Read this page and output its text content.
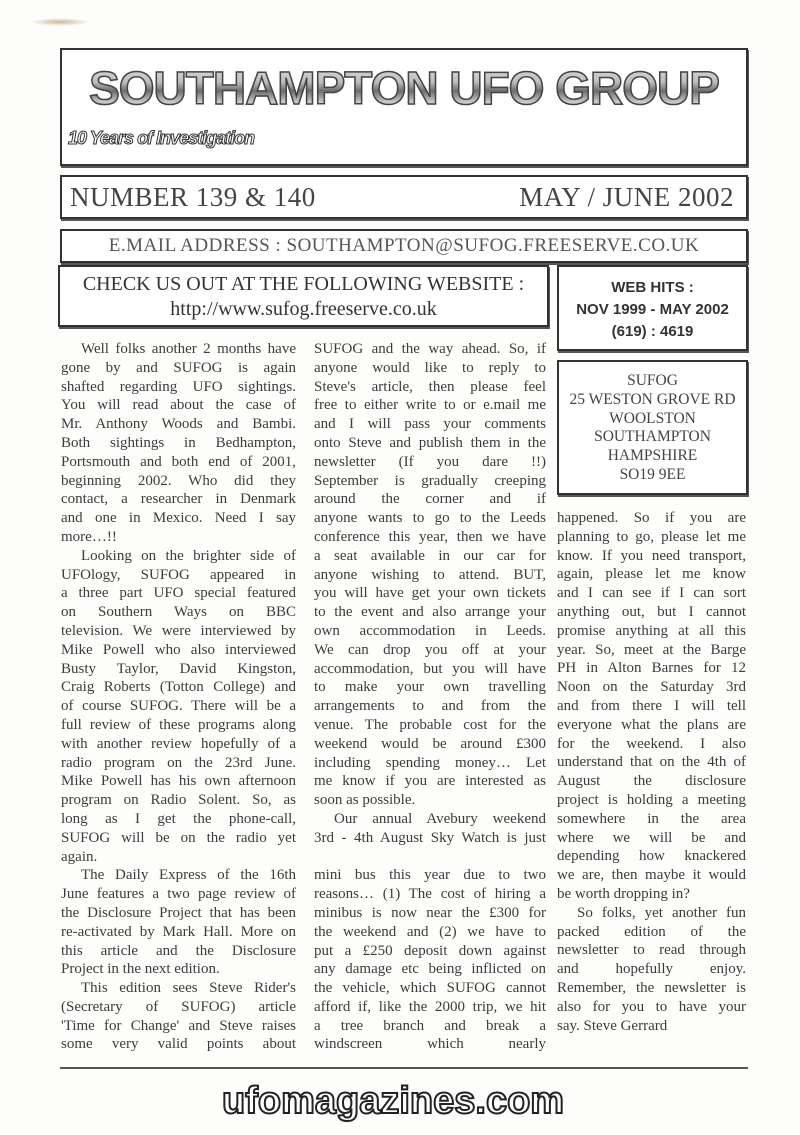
SOUTHAMPTON UFO GROUP
10 Years of Investigation
NUMBER 139 & 140	MAY / JUNE 2002
E.MAIL ADDRESS : SOUTHAMPTON@SUFOG.FREESERVE.CO.UK
CHECK US OUT AT THE FOLLOWING WEBSITE :
http://www.sufog.freeserve.co.uk
WEB HITS :
NOV 1999 - MAY 2002
(619) : 4619
SUFOG
25 WESTON GROVE RD
WOOLSTON
SOUTHAMPTON
HAMPSHIRE
SO19 9EE
Well folks another 2 months have
gone by and SUFOG is again
shafted regarding UFO sightings.
You will read about the case of
Mr. Anthony Woods and Bambi.
Both sightings in Bedhampton,
Portsmouth and both end of 2001,
beginning 2002. Who did they
contact, a researcher in Denmark
and one in Mexico. Need I say
more…!!
Looking on the brighter side of
UFOlogy, SUFOG appeared in
a three part UFO special featured
on Southern Ways on BBC
television. We were interviewed by
Mike Powell who also interviewed
Busty Taylor, David Kingston,
Craig Roberts (Totton College) and
of course SUFOG. There will be a
full review of these programs along
with another review hopefully of a
radio program on the 23rd June.
Mike Powell has his own afternoon
program on Radio Solent. So, as
long as I get the phone-call,
SUFOG will be on the radio yet
again.
The Daily Express of the 16th
June features a two page review of
the Disclosure Project that has been
re-activated by Mark Hall. More on
this article and the Disclosure
Project in the next edition.
This edition sees Steve Rider's
(Secretary of SUFOG) article
'Time for Change' and Steve raises
some very valid points about
SUFOG and the way ahead. So, if
anyone would like to reply to
Steve's article, then please feel
free to either write to or e.mail me
and I will pass your comments
onto Steve and publish them in the
newsletter (If you dare !!)
September is gradually creeping
around the corner and if
anyone wants to go to the Leeds
conference this year, then we have
a seat available in our car for
anyone wishing to attend. BUT,
you will have get your own tickets
to the event and also arrange your
own accommodation in Leeds.
We can drop you off at your
accommodation, but you will have
to make your own travelling
arrangements to and from the
venue. The probable cost for the
weekend would be around £300
including spending money… Let
me know if you are interested as
soon as possible.
Our annual Avebury weekend
3rd - 4th August Sky Watch is just
mini bus this year due to two
reasons… (1) The cost of hiring a
minibus is now near the £300 for
the weekend and (2) we have to
put a £250 deposit down against
any damage etc being inflicted on
the vehicle, which SUFOG cannot
afford if, like the 2000 trip, we hit
a tree branch and break a
windscreen which nearly
happened. So if you are
planning to go, please let me
know. If you need transport,
again, please let me know
and I can see if I can sort
anything out, but I cannot
promise anything at all this
year. So, meet at the Barge
PH in Alton Barnes for 12
Noon on the Saturday 3rd
and from there I will tell
everyone what the plans are
for the weekend. I also
understand that on the 4th of
August the disclosure
project is holding a meeting
somewhere in the area
where we will be and
depending how knackered
we are, then maybe it would
be worth dropping in?
So folks, yet another fun
packed edition of the
newsletter to read through
and hopefully enjoy.
Remember, the newsletter is
also for you to have your
say. Steve Gerrard
ufomagazines.com
